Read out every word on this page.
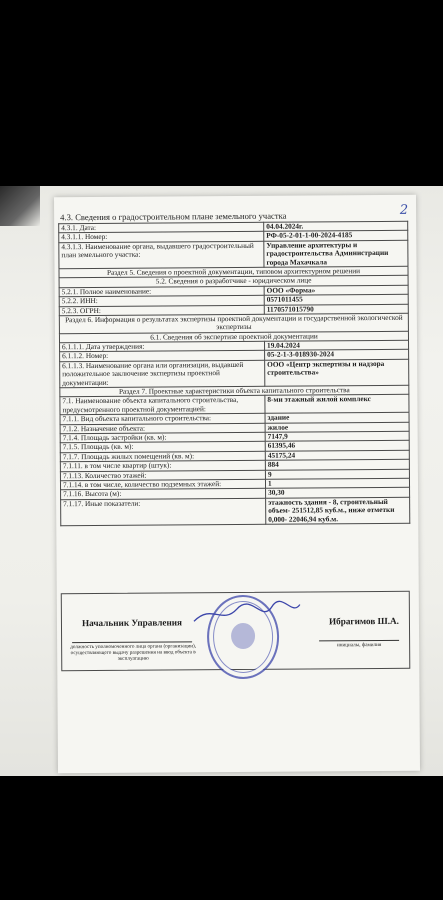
2
4.3. Сведения о градостроительном плане земельного участка
4.3.1. Дата:	04.04.2024г.
4.3.1.1. Номер:	РФ-05-2-01-1-00-2024-4185
4.3.1.3. Наименование органа, выдавшего градостроительный план земельного участка:	Управление архитектуры и градостроительства Администрации города Махачкала
Раздел 5. Сведения о проектной документации, типовом архитектурном решении	
5.2. Сведения о разработчике - юридическом лице	
5.2.1. Полное наименование:	ООО «Форма»
5.2.2. ИНН:	0571011455
5.2.3. ОГРН:	1170571015790
Раздел 6. Информация о результатах экспертизы проектной документации и государственной экологической экспертизы	
6.1. Сведения об экспертизе проектной документации	
6.1.1.1. Дата утверждения:	19.04.2024
6.1.1.2. Номер:	05-2-1-3-018930-2024
6.1.1.3. Наименование органа или организации, выдавшей положительное заключение экспертизы проектной документации:	ООО «Центр экспертизы и надзора строительства»
Раздел 7. Проектные характеристики объекта капитального строительства	
7.1. Наименование объекта капитального строительства, предусмотренного проектной документацией:	8-ми этажный жилой комплекс
7.1.1. Вид объекта капитального строительства:	здание
7.1.2. Назначение объекта:	жилое
7.1.4. Площадь застройки (кв. м):	7147,9
7.1.5. Площадь (кв. м):	61395,46
7.1.7. Площадь жилых помещений (кв. м):	45175,24
7.1.11. в том числе квартир (штук):	884
7.1.13. Количество этажей:	9
7.1.14. в том числе, количество подземных этажей:	1
7.1.16. Высота (м):	30,30
7.1.17. Иные показатели:	этажность здания - 8, строительный объем- 251512,85 куб.м., ниже отметки 0,000- 22046,94 куб.м.
Начальник Управления	Ибрагимов Ш.А.
должность уполномоченного лица органа (организации), осуществляющего выдачу разрешения на ввод объекта в эксплуатацию
инициалы, фамилия
